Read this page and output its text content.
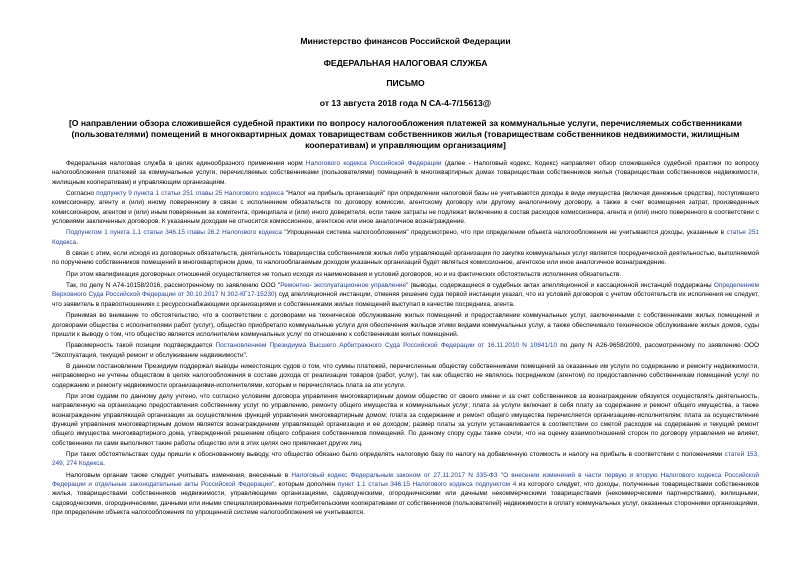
Министерство финансов Российской Федерации

ФЕДЕРАЛЬНАЯ НАЛОГОВАЯ СЛУЖБА

ПИСЬМО

от 13 августа 2018 года N СА-4-7/15613@

[О направлении обзора сложившейся судебной практики по вопросу налогообложения платежей за коммунальные услуги, перечисляемых собственниками (пользователями) помещений в многоквартирных домах товариществам собственников жилья (товариществам собственников недвижимости, жилищным кооперативам) и управляющим организациям]

Федеральная налоговая служба в целях единообразного применения норм Налогового кодекса Российской Федерации (далее - Налоговый кодекс, Кодекс) направляет обзор сложившейся судебной практики по вопросу налогообложения платежей за коммунальные услуги, перечисляемых собственниками (пользователями) помещений в многоквартирных домах товариществам собственников жилья (товариществам собственников недвижимости, жилищным кооперативам) и управляющим организациям.

Согласно подпункту 9 пункта 1 статьи 251 главы 25 Налогового кодекса "Налог на прибыль организаций" при определении налоговой базы не учитываются доходы в виде имущества (включая денежные средства), поступившего комиссионеру, агенту и (или) иному поверенному в связи с исполнением обязательств по договору комиссии, агентскому договору или другому аналогичному договору, а также в счет возмещения затрат, произведенных комиссионером, агентом и (или) иным поверенным за комитента, принципала и (или) иного доверителя, если такие затраты не подлежат включению в состав расходов комиссионера, агента и (или) иного поверенного в соответствии с условиями заключенных договоров. К указанным доходам не относится комиссионное, агентское или иное аналогичное вознаграждение.

Подпунктом 1 пункта 1.1 статьи 346.15 главы 26.2 Налогового кодекса "Упрощенная система налогообложения" предусмотрено, что при определении объекта налогообложения не учитываются доходы, указанные в статье 251 Кодекса.

В связи с этим, если исходя из договорных обязательств, деятельность товарищества собственников жилья либо управляющей организации по закупке коммунальных услуг является посреднической деятельностью, выполняемой по поручению собственников помещений в многоквартирном доме, то налогооблагаемым доходом указанных организаций будет являться комиссионное, агентское или иное аналогичное вознаграждение.

При этом квалификация договорных отношений осуществляется не только исходя из наименования и условий договоров, но и из фактических обстоятельств исполнения обязательств.

Так, по делу N А74-10158/2016, рассмотренному по заявлению ООО "Ремонтно- эксплуатационное управление" (выводы, содержащиеся в судебных актах апелляционной и кассационной инстанций поддержаны Определением Верховного Суда Российской Федерации от 30.10.2017 N 302-КГ17-15230) суд апелляционной инстанции, отменяя решение суда первой инстанции указал, что из условий договоров с учетом обстоятельств их исполнения не следует, что заявитель в правоотношениях с ресурсоснабжающими организациями и собственниками жилых помещений выступал в качестве посредника, агента.

Принимая во внимание то обстоятельство, что в соответствии с договорами на техническое обслуживание жилых помещений и предоставление коммунальных услуг, заключенными с собственниками жилых помещений и договорами общества с исполнителями работ (услуг), общество приобретало коммунальные услуги для обеспечения жильцов этими видами коммунальных услуг, а также обеспечивало техническое обслуживание жилых домов, суды пришли к выводу о том, что общество является исполнителем коммунальных услуг по отношению к собственникам жилых помещений.

Правомерность такой позиции подтверждается Постановлением Президиума Высшего Арбитражного Суда Российской Федерации от 16.11.2010 N 10841/10 по делу N А26-9658/2009, рассмотренному по заявлению ООО "Эксплуатация, текущий ремонт и обслуживание недвижимости".

В данном постановлении Президиум поддержал выводы нижестоящих судов о том, что суммы платежей, перечисленные обществу собственниками помещений за оказанные им услуги по содержанию и ремонту недвижимости, неправомерно не учтены обществом в целях налогообложения в составе дохода от реализации товаров (работ, услуг), так как общество не являлось посредником (агентом) по предоставлению собственникам помещений услуг по содержанию и ремонту недвижимости организациями-исполнителями, которым и перечислялась плата за эти услуги.

При этом судами по данному делу учтено, что согласно условиям договора управления многоквартирным домом общество от своего имени и за счет собственников за вознаграждение обязуется осуществлять деятельность, направленную на организацию предоставления собственнику услуг по управлению, ремонту общего имущества и коммунальных услуг; плата за услуги включает в себя плату за содержание и ремонт общего имущества, а также вознаграждение управляющей организации за осуществление функций управления многоквартирным домом; плата за содержание и ремонт общего имущества перечисляется организациям-исполнителям; плата за осуществление функций управления многоквартирным домом является вознаграждением управляющей организации и ее доходом; размер платы за услуги устанавливается в соответствии со сметой расходов на содержание и текущий ремонт общего имущества многоквартирного дома, утвержденной решением общего собрания собственников помещений. По данному спору суды также сочли, что на оценку взаимоотношений сторон по договору управления не влияет, собственники ли сами выполняют такие работы общество или в этих целях оно привлекает других лиц.

При таких обстоятельствах суды пришли к обоснованному выводу, что общество обязано было определять налоговую базу по налогу на добавленную стоимость и налогу на прибыль в соответствии с положениями статей 153, 249, 274 Кодекса.

Налоговым органам также следует учитывать изменения, внесенные в Налоговый кодекс Федеральным законом от 27.11.2017 N 335-ФЗ "О внесении изменений в части первую и вторую Налогового кодекса Российской Федерации и отдельные законодательные акты Российской Федерации", которым дополнен пункт 1.1 статьи 346.15 Налогового кодекса подпунктом 4 из которого следует, что доходы, полученные товариществами собственников жилья, товариществами собственников недвижимости, управляющими организациями, садоводческими, огородническими или дачными некоммерческими товариществами (некоммерческими партнерствами), жилищными, садоводческими, огородническими, дачными или иными специализированными потребительскими кооперативами от собственников (пользователей) недвижимости в оплату коммунальных услуг, оказанных сторонними организациями, при определении объекта налогообложения по упрощенной системе налогообложения не учитываются.
